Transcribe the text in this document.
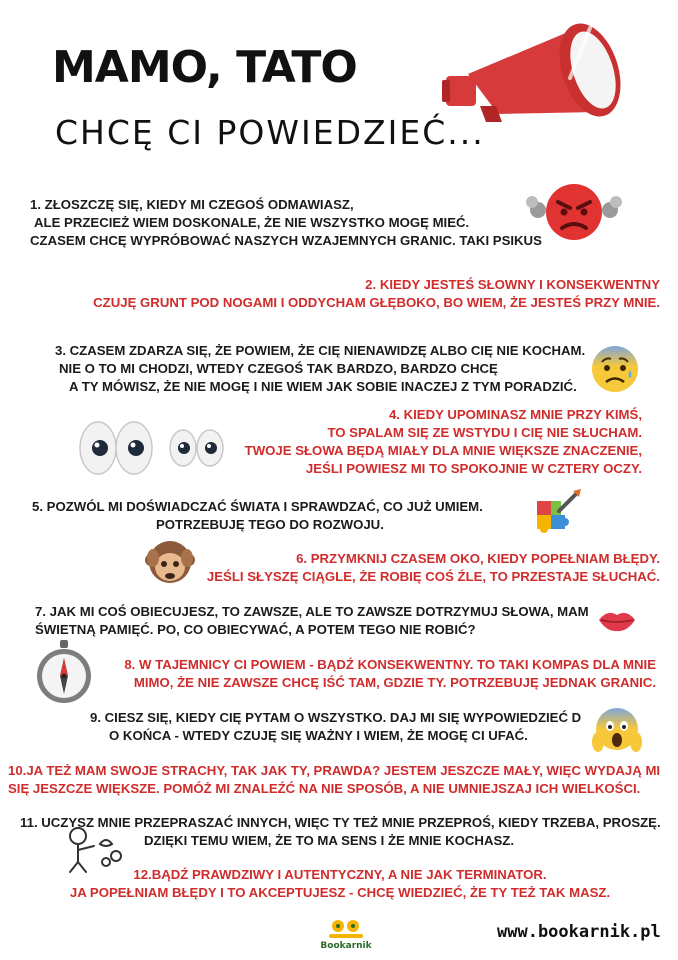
MAMO, TATO
CHCĘ CI POWIEDZIEĆ...
1. ZŁOSZCZĘ SIĘ, KIEDY MI CZEGOŚ ODMAWIASZ,
ALE PRZECIEŻ WIEM DOSKONALE, ŻE NIE WSZYSTKO MOGĘ MIEĆ.
CZASEM CHCĘ WYPRÓBOWAĆ NASZYCH WZAJEMNYCH GRANIC. TAKI PSIKUS
2. KIEDY JESTEŚ SŁOWNY I KONSEKWENTNY
CZUJĘ GRUNT POD NOGAMI I ODDYCHAM GŁĘBOKO, BO WIEM, ŻE JESTEŚ PRZY MNIE.
3. CZASEM ZDARZA SIĘ, ŻE POWIEM, ŻE CIĘ NIENAWIDZĘ ALBO CIĘ NIE KOCHAM.
NIE O TO MI CHODZI, WTEDY CZEGOŚ TAK BARDZO, BARDZO CHCĘ
A TY MÓWISZ, ŻE NIE MOGĘ I NIE WIEM JAK SOBIE INACZEJ Z TYM PORADZIĆ.
4. KIEDY UPOMINASZ MNIE PRZY KIMŚ,
TO SPALAM SIĘ ZE WSTYDU I CIĘ NIE SŁUCHAM.
TWOJE SŁOWA BĘDĄ MIAŁY DLA MNIE WIĘKSZE ZNACZENIE,
JEŚLI POWIESZ MI TO SPOKOJNIE W CZTERY OCZY.
5. POZWÓL MI DOŚWIADCZAĆ ŚWIATA I SPRAWDZAĆ, CO JUŻ UMIEM.
POTRZEBUJĘ TEGO DO ROZWOJU.
6. PRZYMKNIJ CZASEM OKO, KIEDY POPEŁNIAM BŁĘDY.
JEŚLI SŁYSZĘ CIĄGLE, ŻE ROBIĘ COŚ ŹLE, TO PRZESTAJE SŁUCHAĆ.
7. JAK MI COŚ OBIECUJESZ, TO ZAWSZE, ALE TO ZAWSZE DOTRZYMUJ SŁOWA, MAM
ŚWIETNĄ PAMIĘĆ. PO, CO OBIECYWAĆ, A POTEM TEGO NIE ROBIĆ?
8. W TAJEMNICY CI POWIEM - BĄDŹ KONSEKWENTNY. TO TAKI KOMPAS DLA MNIE
MIMO, ŻE NIE ZAWSZE CHCĘ IŚĆ TAM, GDZIE TY. POTRZEBUJĘ JEDNAK GRANIC.
9. CIESZ SIĘ, KIEDY CIĘ PYTAM O WSZYSTKO. DAJ MI SIĘ WYPOWIEDZIEĆ D
O KOŃCA - WTEDY CZUJĘ SIĘ WAŻNY I WIEM, ŻE MOGĘ CI UFAĆ.
10.JA TEŻ MAM SWOJE STRACHY, TAK JAK TY, PRAWDA? JESTEM JESZCZE MAŁY, WIĘC WYDAJĄ MI
SIĘ JESZCZE WIĘKSZE. POMÓŻ MI ZNALEŹĆ NA NIE SPOSÓB, A NIE UMNIEJSZAJ ICH WIELKOŚCI.
11. UCZYSZ MNIE PRZEPRASZAĆ INNYCH, WIĘC TY TEŻ MNIE PRZEPROŚ, KIEDY TRZEBA, PROSZĘ.
DZIĘKI TEMU WIEM, ŻE TO MA SENS I ŻE MNIE KOCHASZ.
12.BĄDŹ PRAWDZIWY I AUTENTYCZNY, A NIE JAK TERMINATOR.
JA POPEŁNIAM BŁĘDY I TO AKCEPTUJESZ - CHCĘ WIEDZIEĆ, ŻE TY TEŻ TAK MASZ.
Bookarnik
www.bookarnik.pl
